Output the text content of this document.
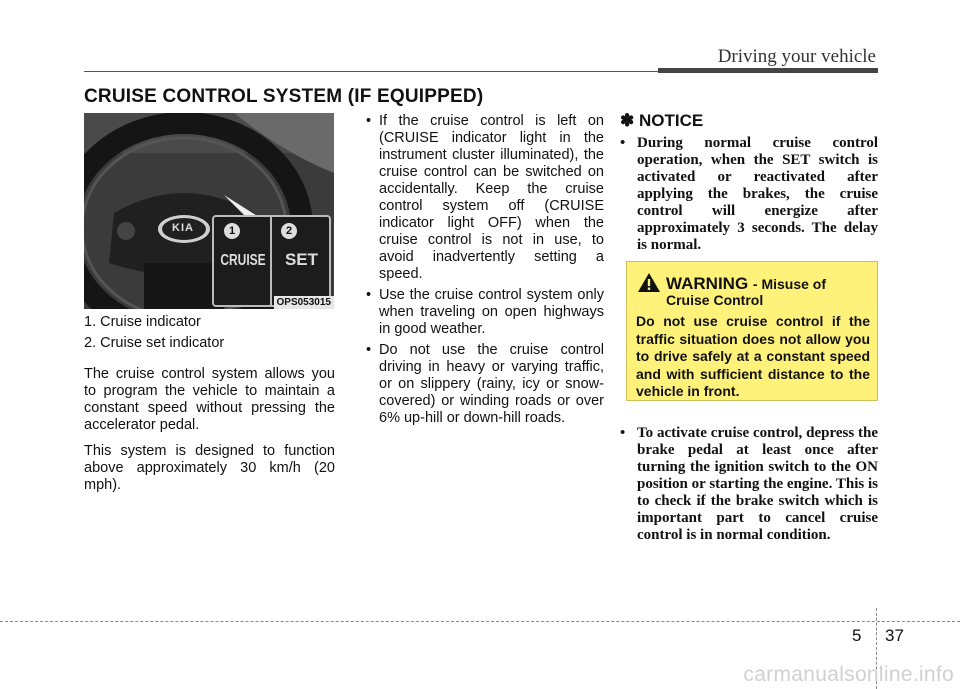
Driving your vehicle
CRUISE CONTROL SYSTEM (IF EQUIPPED)
KIA	1	2
CRUISE	SET
OPS053015

1. Cruise indicator

2. Cruise set indicator

The cruise control system allows you to program the vehicle to maintain a constant speed without pressing the accelerator pedal.

This system is designed to function above approximately 30 km/h (20 mph).

• If the cruise control is left on (CRUISE indicator light in the instrument cluster illuminated), the cruise control can be switched on accidentally. Keep the cruise control system off (CRUISE indicator light OFF) when the cruise control is not in use, to avoid inadvertently setting a speed.
• Use the cruise control system only when traveling on open highways in good weather.
• Do not use the cruise control driving in heavy or varying traffic, or on slippery (rainy, icy or snow-covered) or winding roads or over 6% up-hill or down-hill roads.
✽ NOTICE
• During normal cruise control operation, when the SET switch is activated or reactivated after applying the brakes, the cruise control will energize after approximately 3 seconds. The delay is normal.
WARNING - Misuse of
Cruise Control
Do not use cruise control if the traffic situation does not allow you to drive safely at a constant speed and with sufficient distance to the vehicle in front.
• To activate cruise control, depress the brake pedal at least once after turning the ignition switch to the ON position or starting the engine. This is to check if the brake switch which is important part to cancel cruise control is in normal condition.
5 37
carmanualsonline.info
